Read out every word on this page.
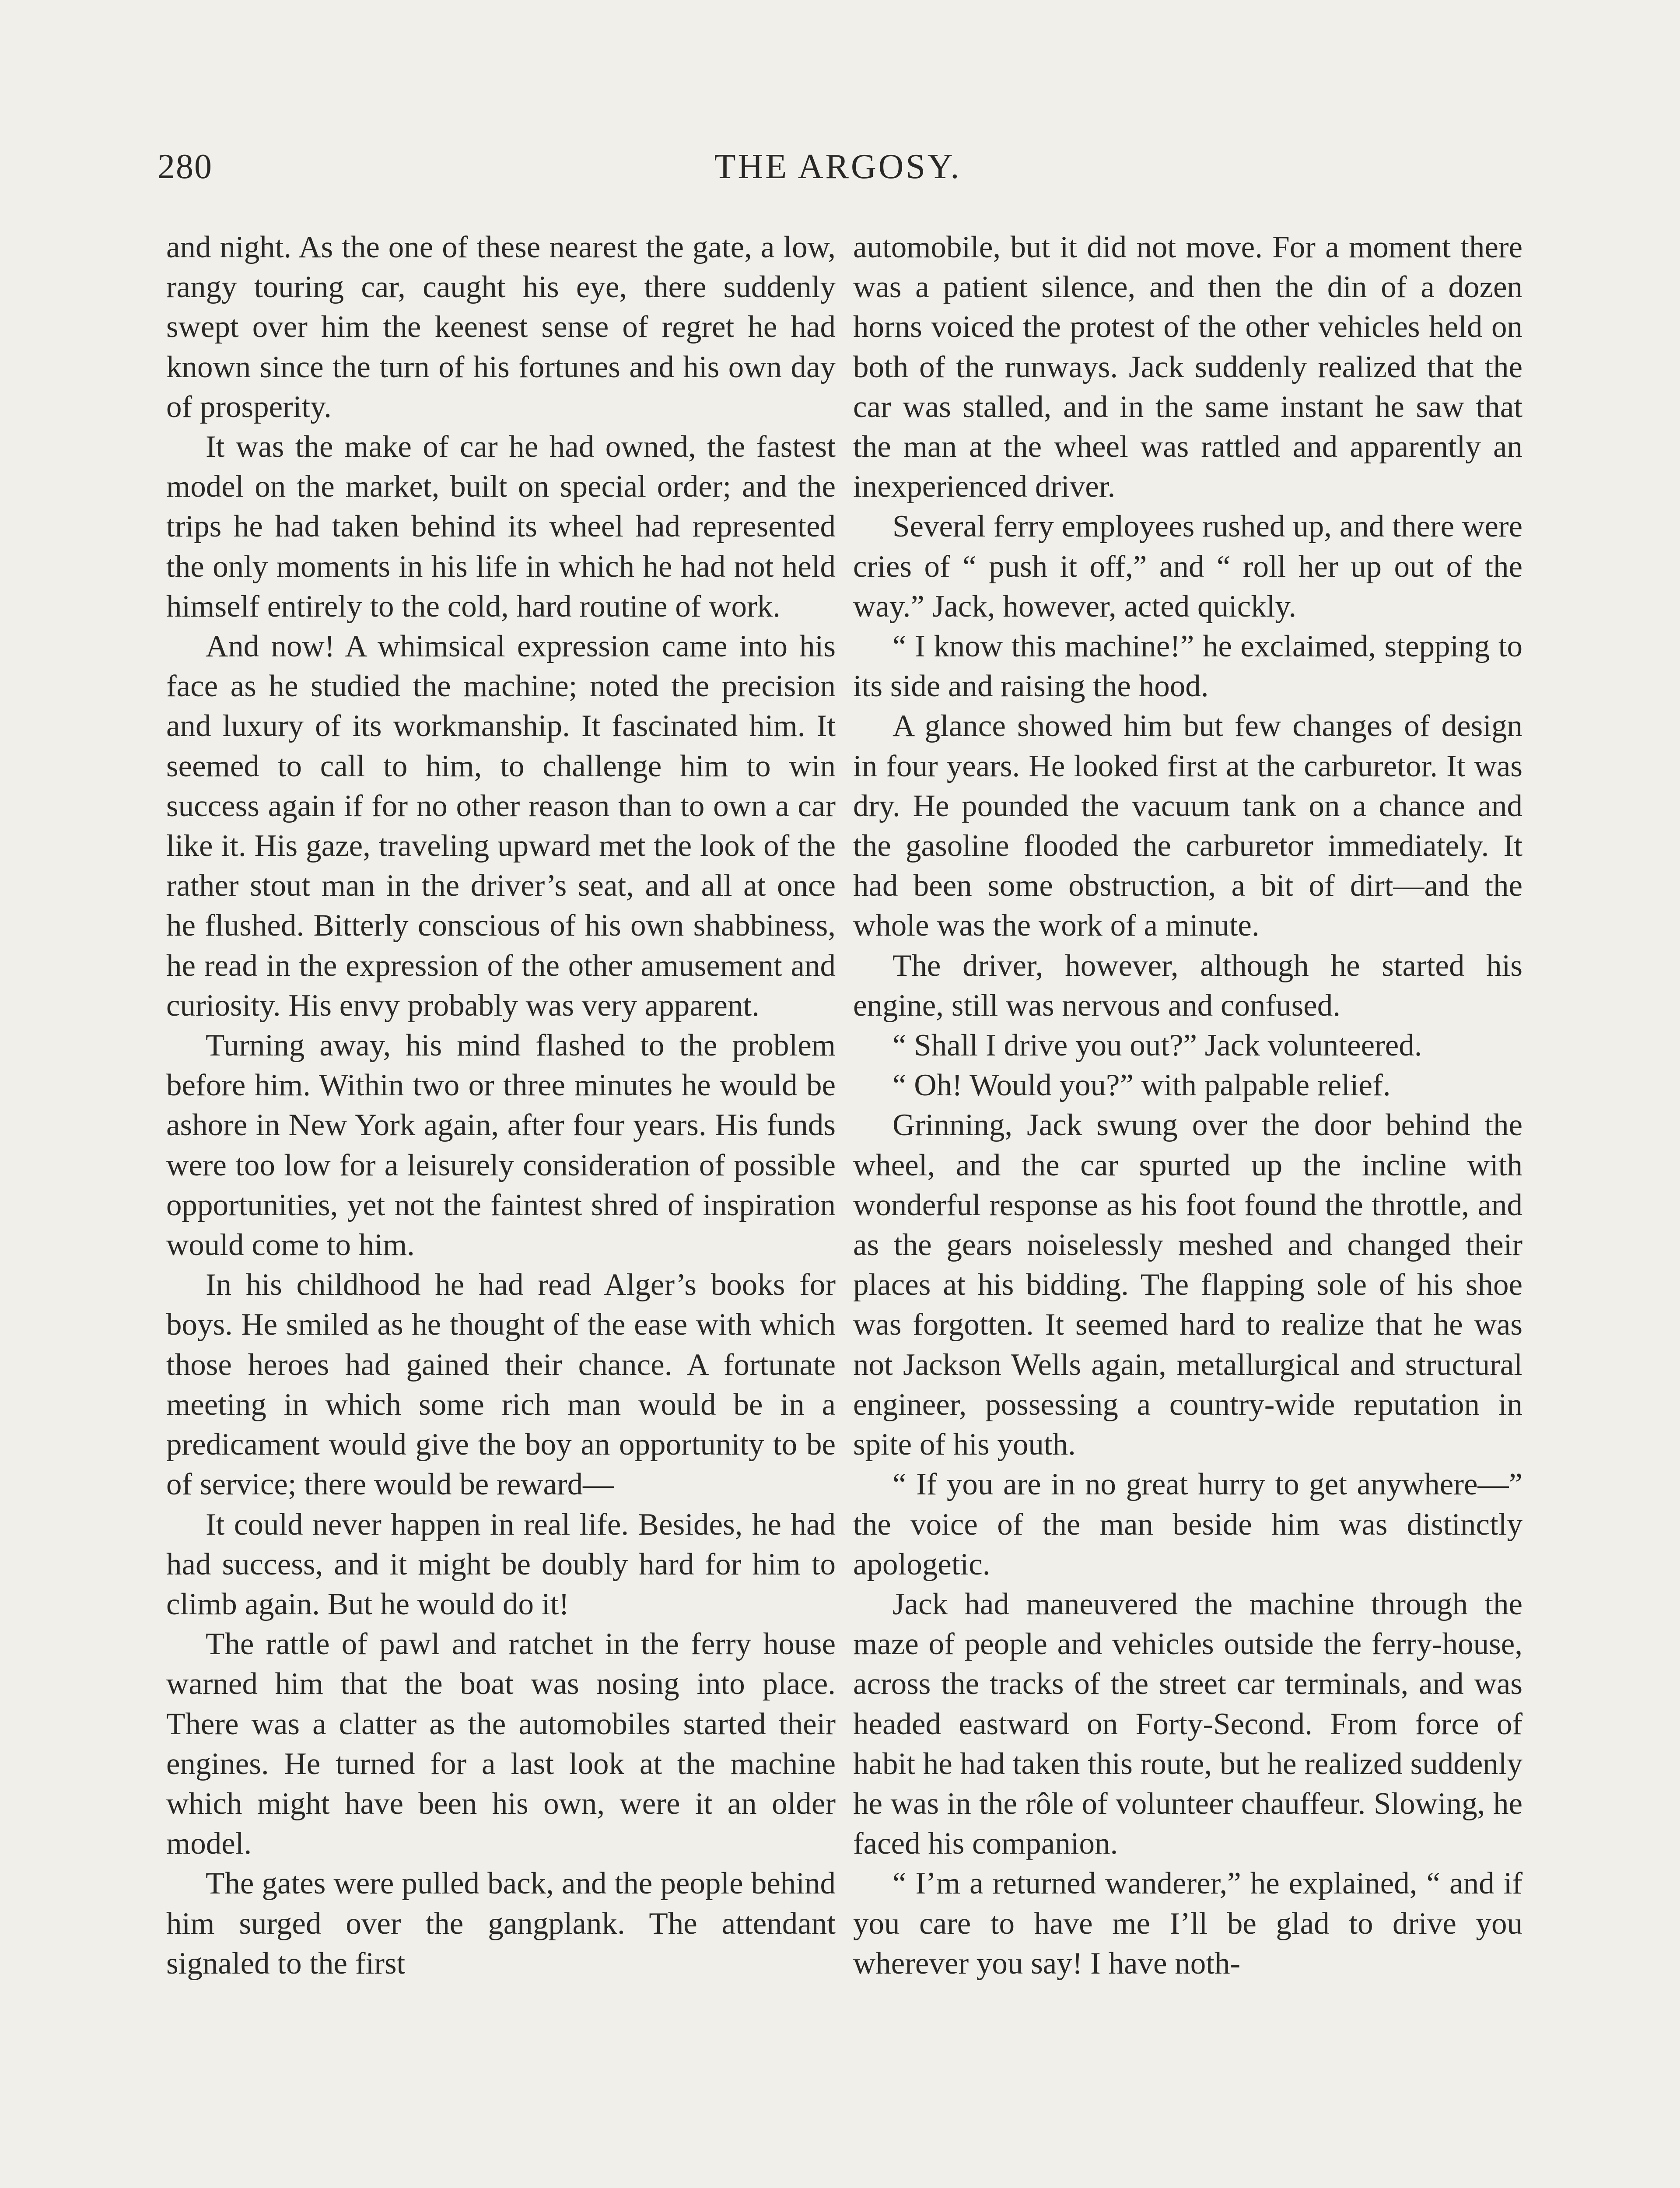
280	THE ARGOSY.

and night. As the one of these nearest the gate, a low, rangy touring car, caught his eye, there suddenly swept over him the keenest sense of regret he had known since the turn of his fortunes and his own day of prosperity.

It was the make of car he had owned, the fastest model on the market, built on special order; and the trips he had taken behind its wheel had represented the only moments in his life in which he had not held himself entirely to the cold, hard routine of work.

And now! A whimsical expression came into his face as he studied the machine; noted the precision and luxury of its workmanship. It fascinated him. It seemed to call to him, to challenge him to win success again if for no other reason than to own a car like it. His gaze, traveling upward met the look of the rather stout man in the driver’s seat, and all at once he flushed. Bitterly conscious of his own shabbiness, he read in the expression of the other amusement and curiosity. His envy probably was very apparent.

Turning away, his mind flashed to the problem before him. Within two or three minutes he would be ashore in New York again, after four years. His funds were too low for a leisurely consideration of possible opportunities, yet not the faintest shred of inspiration would come to him.

In his childhood he had read Alger’s books for boys. He smiled as he thought of the ease with which those heroes had gained their chance. A fortunate meeting in which some rich man would be in a predicament would give the boy an opportunity to be of service; there would be reward—

It could never happen in real life. Besides, he had had success, and it might be doubly hard for him to climb again. But he would do it!

The rattle of pawl and ratchet in the ferry house warned him that the boat was nosing into place. There was a clatter as the automobiles started their engines. He turned for a last look at the machine which might have been his own, were it an older model.

The gates were pulled back, and the people behind him surged over the gangplank. The attendant signaled to the first

automobile, but it did not move. For a moment there was a patient silence, and then the din of a dozen horns voiced the protest of the other vehicles held on both of the runways. Jack suddenly realized that the car was stalled, and in the same instant he saw that the man at the wheel was rattled and apparently an inexperienced driver.

Several ferry employees rushed up, and there were cries of “ push it off,” and “ roll her up out of the way.” Jack, however, acted quickly.

“ I know this machine!” he exclaimed, stepping to its side and raising the hood.

A glance showed him but few changes of design in four years. He looked first at the carburetor. It was dry. He pounded the vacuum tank on a chance and the gasoline flooded the carburetor immediately. It had been some obstruction, a bit of dirt—and the whole was the work of a minute.

The driver, however, although he started his engine, still was nervous and confused.

“ Shall I drive you out?” Jack volunteered.

“ Oh! Would you?” with palpable relief.

Grinning, Jack swung over the door behind the wheel, and the car spurted up the incline with wonderful response as his foot found the throttle, and as the gears noiselessly meshed and changed their places at his bidding. The flapping sole of his shoe was forgotten. It seemed hard to realize that he was not Jackson Wells again, metallurgical and structural engineer, possessing a country-wide reputation in spite of his youth.

“ If you are in no great hurry to get anywhere—” the voice of the man beside him was distinctly apologetic.

Jack had maneuvered the machine through the maze of people and vehicles outside the ferry-house, across the tracks of the street car terminals, and was headed eastward on Forty-Second. From force of habit he had taken this route, but he realized suddenly he was in the rôle of volunteer chauffeur. Slowing, he faced his companion.

“ I’m a returned wanderer,” he explained, “ and if you care to have me I’ll be glad to drive you wherever you say! I have noth-
